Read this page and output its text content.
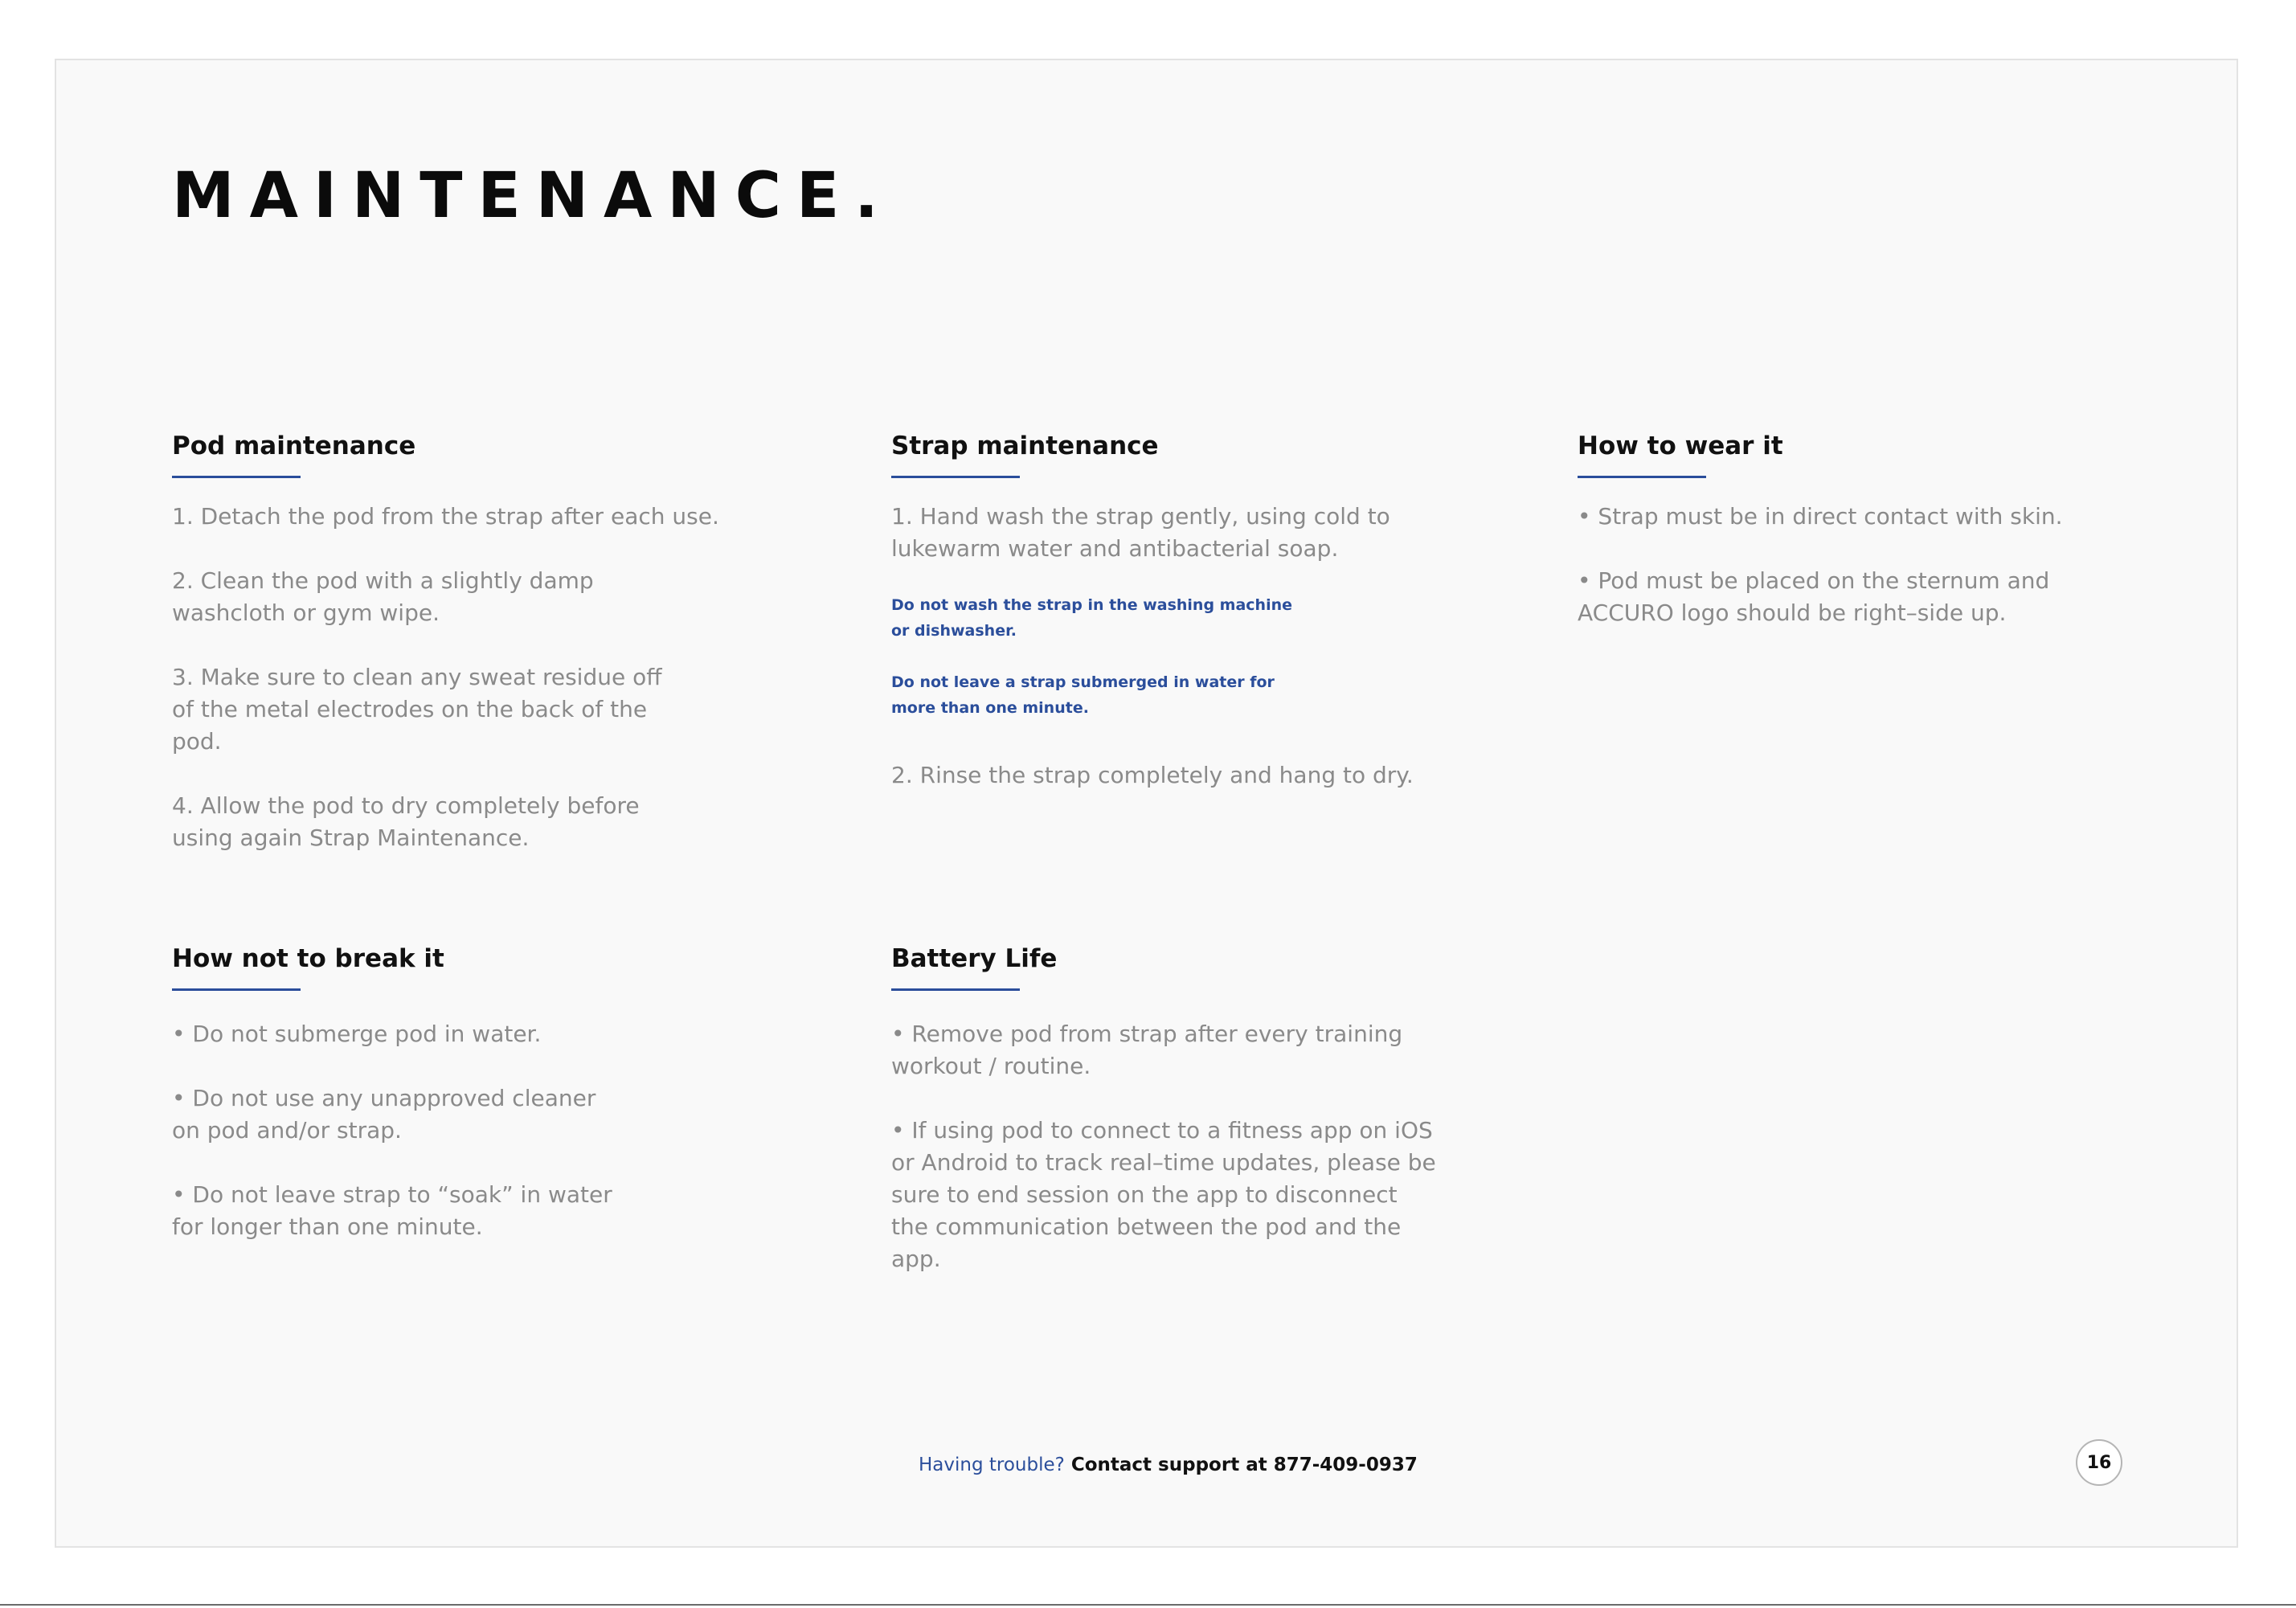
MAINTENANCE.
Pod maintenance

1. Detach the pod from the strap after each use.

2. Clean the pod with a slightly damp washcloth or gym wipe.

3. Make sure to clean any sweat residue off of the metal electrodes on the back of the pod.

4. Allow the pod to dry completely before using again Strap Maintenance.

Strap maintenance

1. Hand wash the strap gently, using cold to lukewarm water and antibacterial soap.

Do not wash the strap in the washing machine or dishwasher.

Do not leave a strap submerged in water for more than one minute.

2. Rinse the strap completely and hang to dry.

How to wear it

• Strap must be in direct contact with skin.

• Pod must be placed on the sternum and ACCURO logo should be right–side up.

How not to break it

• Do not submerge pod in water.

• Do not use any unapproved cleaner on pod and/or strap.

• Do not leave strap to “soak” in water for longer than one minute.

Battery Life

• Remove pod from strap after every training workout / routine.

• If using pod to connect to a fitness app on iOS or Android to track real–time updates, please be sure to end session on the app to disconnect the communication between the pod and the app.

Having trouble? Contact support at 877-409-0937	16
